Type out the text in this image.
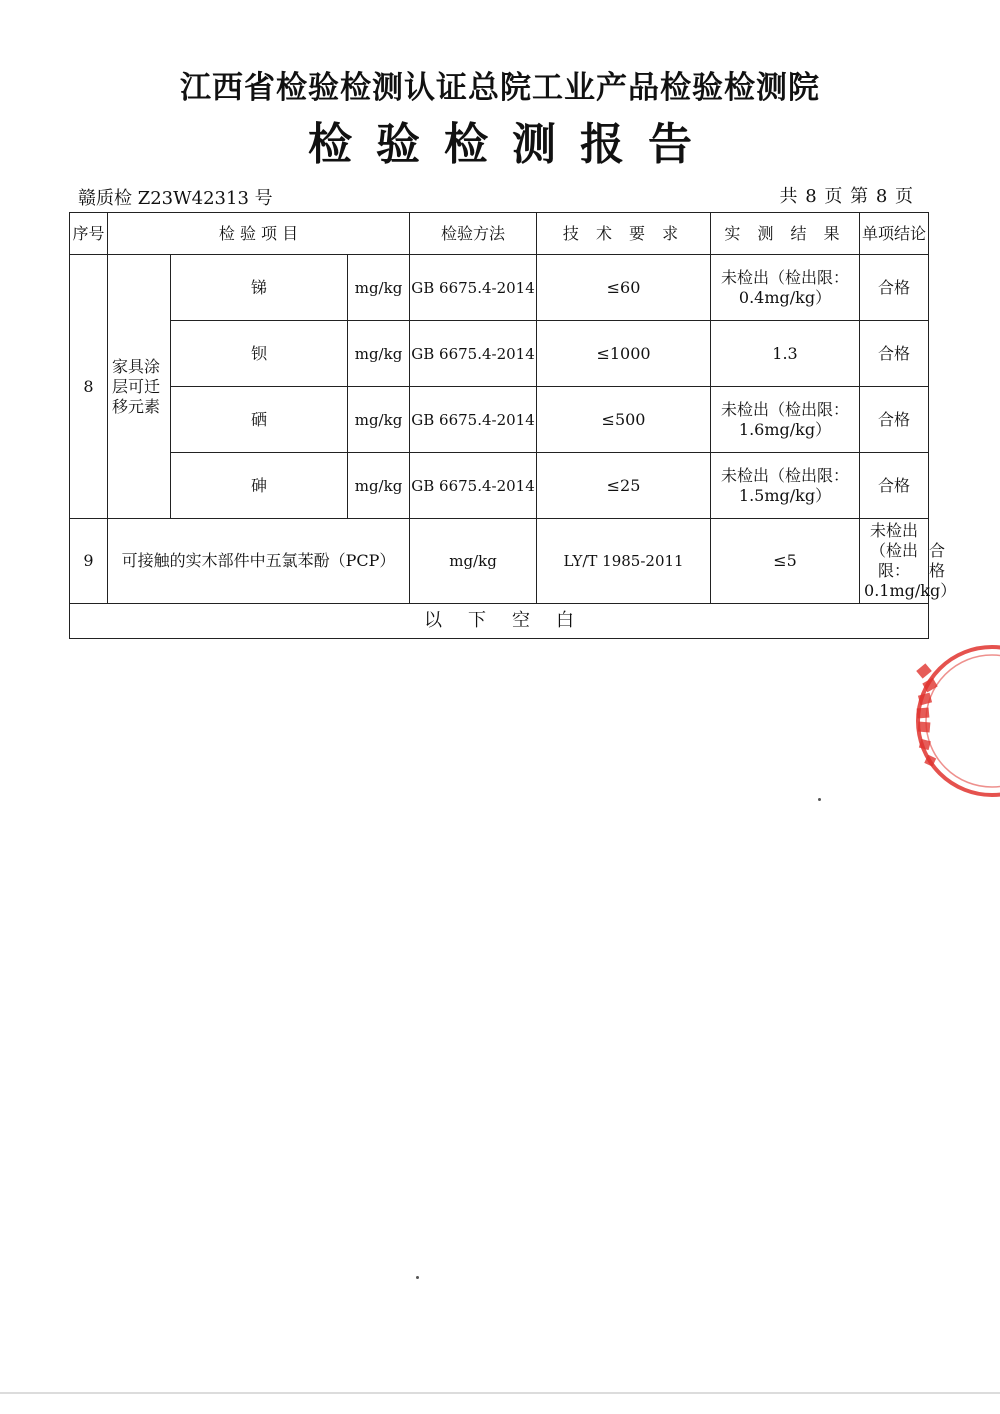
江西省检验检测认证总院工业产品检验检测院
检验检测报告
赣质检 Z23W42313 号	共 8 页 第 8 页
序号	检 验 项 目			检验方法	技 术 要 求	实 测 结 果	单项结论	
8	家具涂层可迁移元素	锑	mg/kg	GB 6675.4-2014	≤60	未检出（检出限：0.4mg/kg）	合格	
		钡	mg/kg	GB 6675.4-2014	≤1000	1.3	合格	
		硒	mg/kg	GB 6675.4-2014	≤500	未检出（检出限：1.6mg/kg）	合格	
		砷	mg/kg	GB 6675.4-2014	≤25	未检出（检出限：1.5mg/kg）	合格	
9	可接触的实木部件中五氯苯酚（PCP）			mg/kg	LY/T 1985-2011	≤5	未检出（检出限：0.1mg/kg）	合格
以下空白								
